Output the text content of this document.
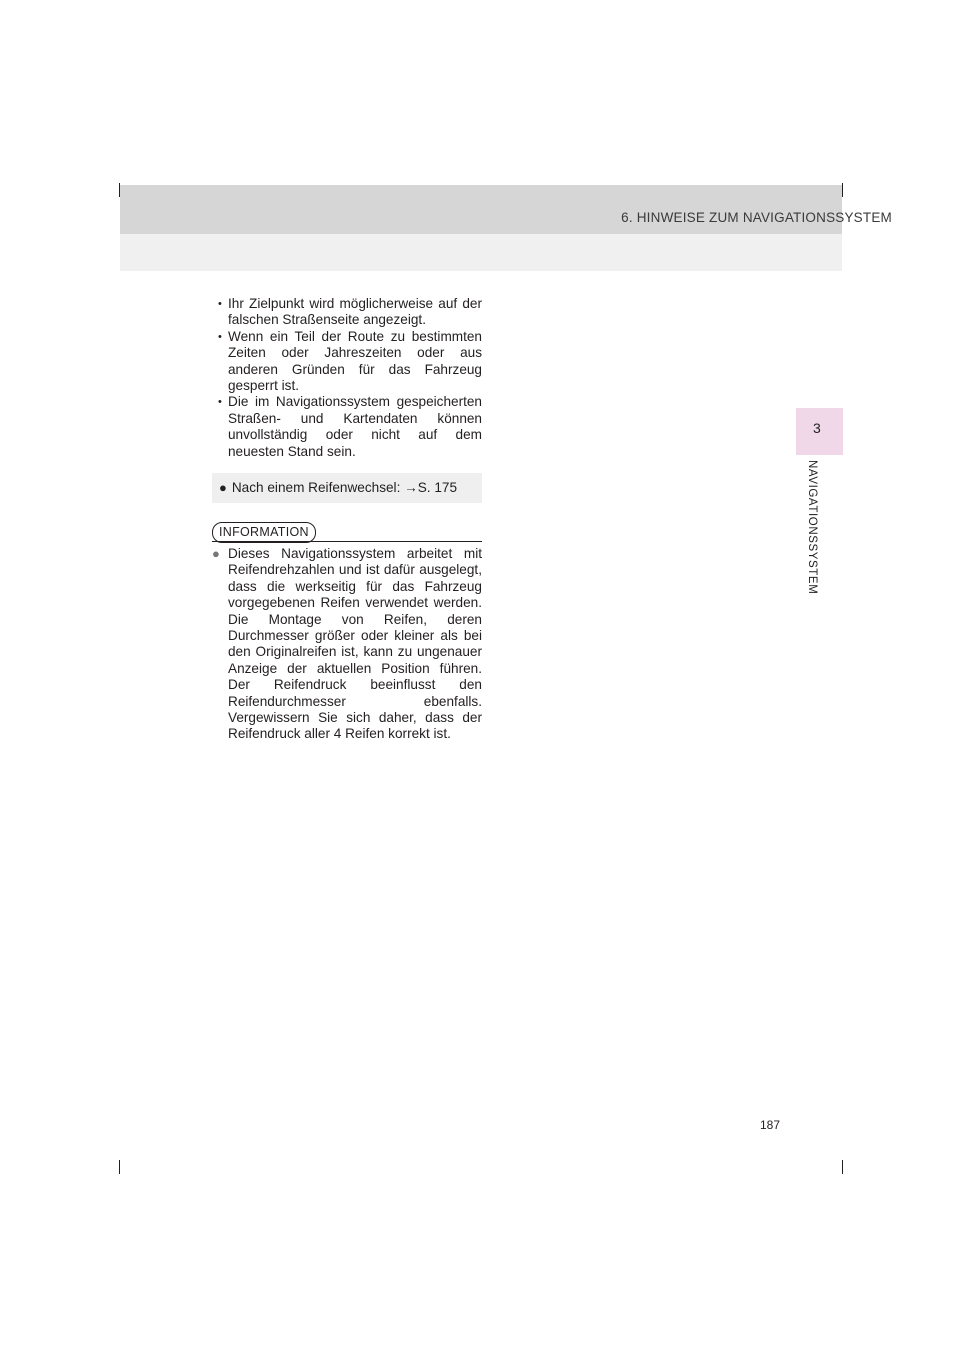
6. HINWEISE ZUM NAVIGATIONSSYSTEM
3
NAVIGATIONSSYSTEM
• Ihr Zielpunkt wird möglicherweise auf der falschen Straßenseite angezeigt.
• Wenn ein Teil der Route zu bestimmten Zeiten oder Jahreszeiten oder aus anderen Gründen für das Fahrzeug gesperrt ist.
• Die im Navigationssystem gespeicherten Straßen- und Kartendaten können unvollständig oder nicht auf dem neuesten Stand sein.
● Nach einem Reifenwechsel: →S. 175
INFORMATION
● Dieses Navigationssystem arbeitet mit Reifendrehzahlen und ist dafür ausgelegt, dass die werkseitig für das Fahrzeug vorgegebenen Reifen verwendet werden. Die Montage von Reifen, deren Durchmesser größer oder kleiner als bei den Originalreifen ist, kann zu ungenauer Anzeige der aktuellen Position führen. Der Reifendruck beeinflusst den Reifendurchmesser ebenfalls. Vergewissern Sie sich daher, dass der Reifendruck aller 4 Reifen korrekt ist.
187
